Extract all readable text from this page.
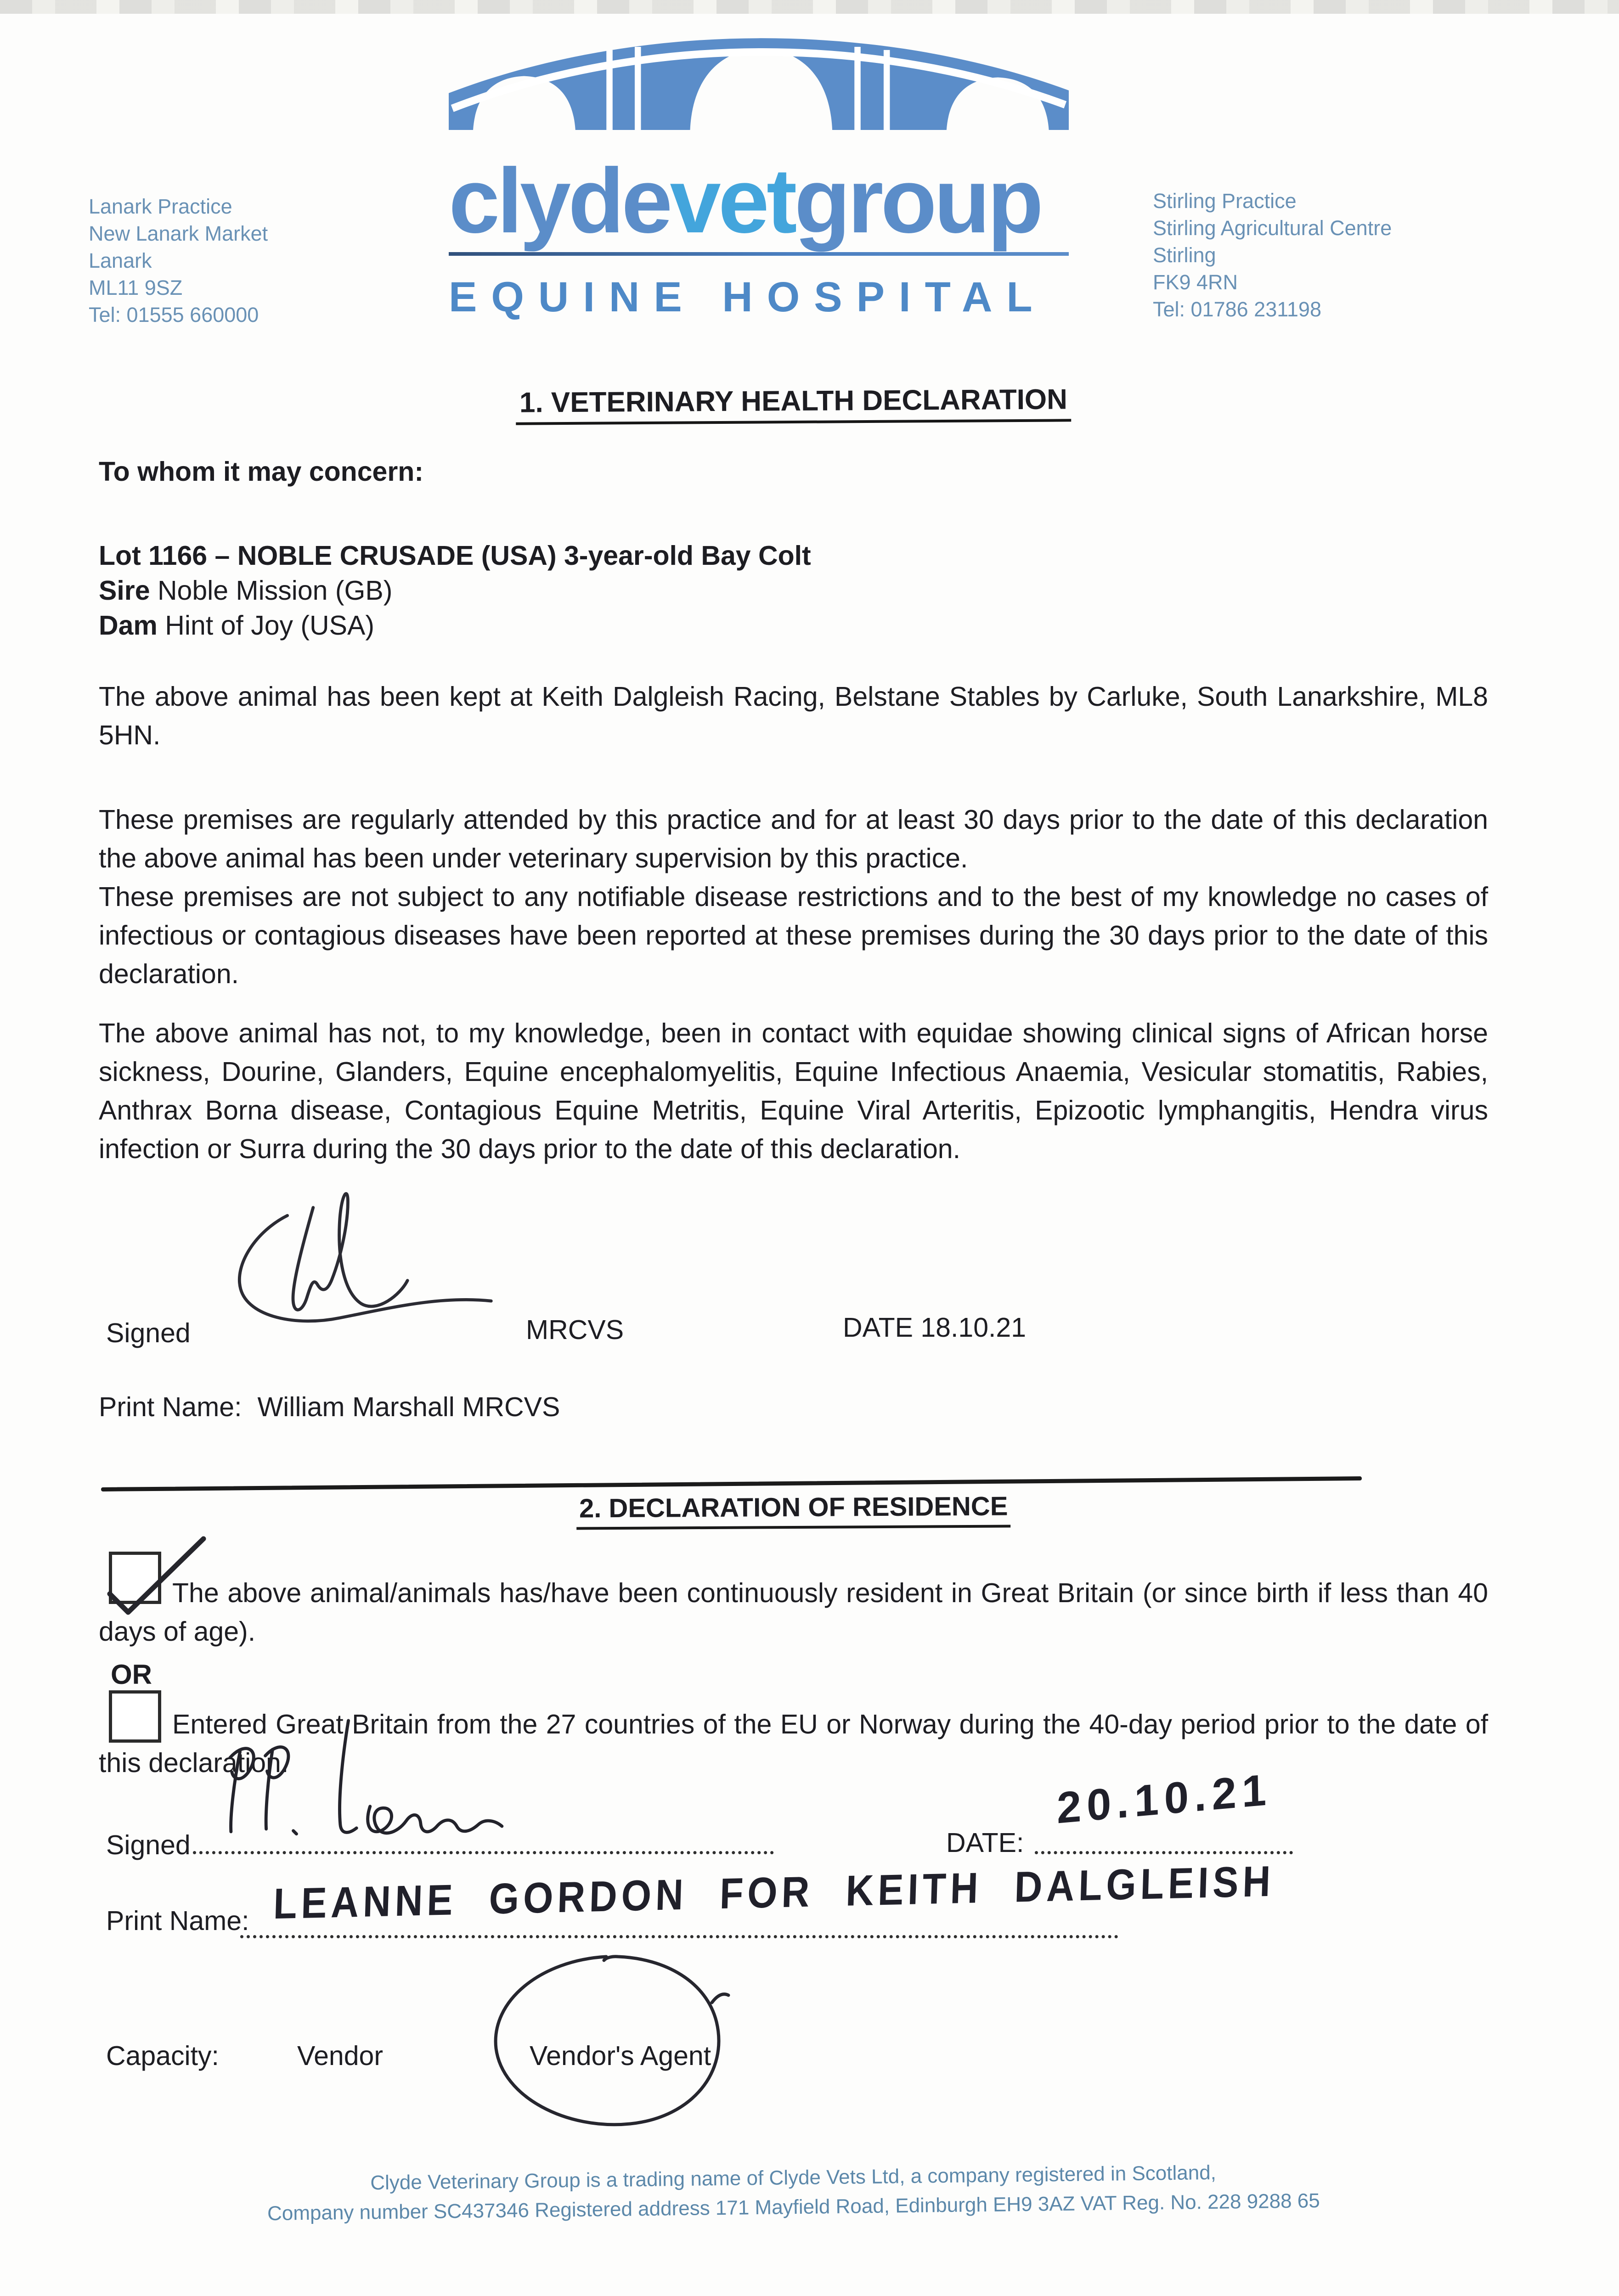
Lanark Practice
New Lanark Market
Lanark
ML11 9SZ
Tel: 01555 660000
clydevetgroup
EQUINE HOSPITAL
Stirling Practice
Stirling Agricultural Centre
Stirling
FK9 4RN
Tel: 01786 231198
1. VETERINARY HEALTH DECLARATION
To whom it may concern:
Lot 1166 – NOBLE CRUSADE (USA) 3-year-old Bay Colt
Sire Noble Mission (GB)
Dam Hint of Joy (USA)
The above animal has been kept at Keith Dalgleish Racing, Belstane Stables by Carluke, South Lanarkshire, ML8 5HN.

These premises are regularly attended by this practice and for at least 30 days prior to the date of this declaration the above animal has been under veterinary supervision by this practice.

These premises are not subject to any notifiable disease restrictions and to the best of my knowledge no cases of infectious or contagious diseases have been reported at these premises during the 30 days prior to the date of this declaration.

The above animal has not, to my knowledge, been in contact with equidae showing clinical signs of African horse sickness, Dourine, Glanders, Equine encephalomyelitis, Equine Infectious Anaemia, Vesicular stomatitis, Rabies, Anthrax Borna disease, Contagious Equine Metritis, Equine Viral Arteritis, Epizootic lymphangitis, Hendra virus infection or Surra during the 30 days prior to the date of this declaration.
Signed	MRCVS	DATE 18.10.21
Print Name: William Marshall MRCVS
2. DECLARATION OF RESIDENCE

The above animal/animals has/have been continuously resident in Great Britain (or since birth if less than 40 days of age).

OR

Entered Great Britain from the 27 countries of the EU or Norway during the 40-day period prior to the date of this declaration.

Signed	DATE:
20.10.21
Print Name: LEANNE GORDON FOR KEITH DALGLEISH
Capacity:	Vendor	Vendor's Agent
Clyde Veterinary Group is a trading name of Clyde Vets Ltd, a company registered in Scotland,
Company number SC437346 Registered address 171 Mayfield Road, Edinburgh EH9 3AZ VAT Reg. No. 228 9288 65
